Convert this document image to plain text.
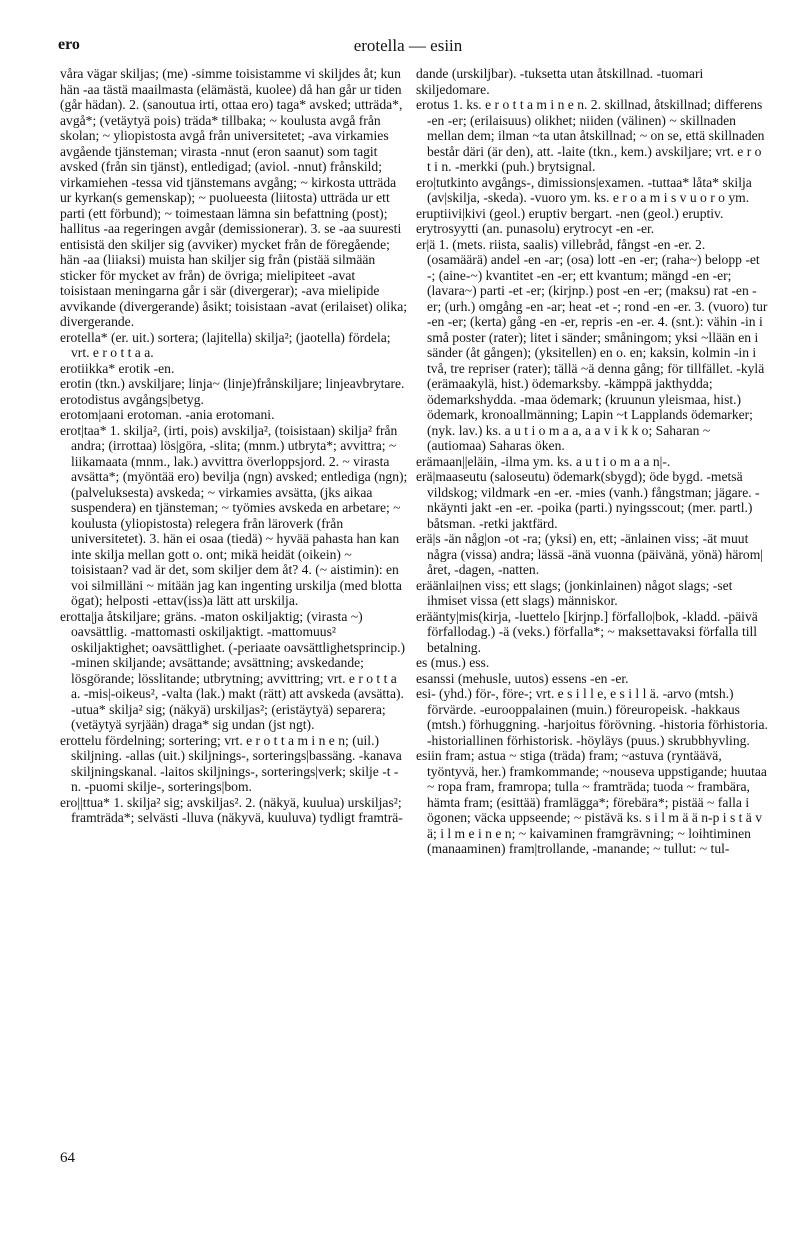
ero	erotella — esiin

våra vägar skiljas; (me) -simme toisistamme vi skiljdes åt; kun hän -aa tästä maailmasta (elämästä, kuolee) då han går ur tiden (går hädan). 2. (sanoutua irti, ottaa ero) taga* avsked; utträda*, avgå*; (vetäytyä pois) träda* tillbaka; ~ koulusta avgå från skolan; ~ yliopistosta avgå från universitetet; -ava virkamies avgående tjänsteman; virasta -nnut (eron saanut) som tagit avsked (från sin tjänst), entledigad; (aviol. -nnut) frånskild; virkamiehen -tessa vid tjänstemans avgång; ~ kirkosta utträda ur kyrkan(s gemenskap); ~ puolueesta (liitosta) utträda ur ett parti (ett förbund); ~ toimestaan lämna sin befattning (post); hallitus -aa regeringen avgår (demissionerar). 3. se -aa suuresti entisistä den skiljer sig (avviker) mycket från de föregående; hän -aa (liiaksi) muista han skiljer sig från (pistää silmään sticker för mycket av från) de övriga; mielipiteet -avat toisistaan meningarna går i sär (divergerar); -ava mielipide avvikande (divergerande) åsikt; toisistaan -avat (erilaiset) olika; divergerande.

erotella* (er. uit.) sortera; (lajitella) skilja²; (jaotella) fördela; vrt. e r o t t a a.

erotiikka* erotik -en.

erotin (tkn.) avskiljare; linja~ (linje)frånskiljare; linjeavbrytare.

erotodistus avgångs|betyg.

erotom|aani erotoman. -ania erotomani.

erot|taa* 1. skilja², (irti, pois) avskilja², (toisistaan) skilja² från andra; (irrottaa) lös|göra, -slita; (mnm.) utbryta*; avvittra; ~ liikamaata (mnm., lak.) avvittra överloppsjord. 2. ~ virasta avsätta*; (myöntää ero) bevilja (ngn) avsked; entlediga (ngn); (palveluksesta) avskeda; ~ virkamies avsätta, (jks aikaa suspendera) en tjänsteman; ~ työmies avskeda en arbetare; ~ koulusta (yliopistosta) relegera från läroverk (från universitetet). 3. hän ei osaa (tiedä) ~ hyvää pahasta han kan inte skilja mellan gott o. ont; mikä heidät (oikein) ~ toisistaan? vad är det, som skiljer dem åt? 4. (~ aistimin): en voi silmilläni ~ mitään jag kan ingenting urskilja (med blotta ögat); helposti -ettav(iss)a lätt att urskilja.

erotta|ja åtskiljare; gräns. -maton oskiljaktig; (virasta ~) oavsättlig. -mattomasti oskiljaktigt. -mattomuus² oskiljaktighet; oavsättlighet. (-periaate oavsättlighetsprincip.) -minen skiljande; avsättande; avsättning; avskedande; lösgörande; lösslitande; utbrytning; avvittring; vrt. e r o t t a a. -mis|-oikeus², -valta (lak.) makt (rätt) att avskeda (avsätta). -utua* skilja² sig; (näkyä) urskiljas²; (eristäytyä) separera; (vetäytyä syrjään) draga* sig undan (jst ngt).

erottelu fördelning; sortering; vrt. e r o t t a m i n e n; (uil.) skiljning. -allas (uit.) skiljnings-, sorterings|bassäng. -kanava skiljningskanal. -laitos skiljnings-, sorterings|verk; skilje -t -n. -puomi skilje-, sorterings|bom.

ero||ttua* 1. skilja² sig; avskiljas². 2. (näkyä, kuulua) urskiljas²; framträda*; selvästi -lluva (näkyvä, kuuluva) tydligt framträ-

dande (urskiljbar). -tuksetta utan åtskillnad. -tuomari skiljedomare.

erotus 1. ks. e r o t t a m i n e n. 2. skillnad, åtskillnad; differens -en -er; (erilaisuus) olikhet; niiden (välinen) ~ skillnaden mellan dem; ilman ~ta utan åtskillnad; ~ on se, että skillnaden består däri (är den), att. -laite (tkn., kem.) avskiljare; vrt. e r o t i n. -merkki (puh.) brytsignal.

ero|tutkinto avgångs-, dimissions|examen. -tuttaa* låta* skilja (av|skilja, -skeda). -vuoro ym. ks. e r o a m i s v u o r o ym.

eruptiivi|kivi (geol.) eruptiv bergart. -nen (geol.) eruptiv.

erytrosyytti (an. punasolu) erytrocyt -en -er.

er|ä 1. (mets. riista, saalis) villebråd, fångst -en -er. 2. (osamäärä) andel -en -ar; (osa) lott -en -er; (raha~) belopp -et -; (aine-~) kvantitet -en -er; ett kvantum; mängd -en -er; (lavara~) parti -et -er; (kirjnp.) post -en -er; (maksu) rat -en -er; (urh.) omgång -en -ar; heat -et -; rond -en -er. 3. (vuoro) tur -en -er; (kerta) gång -en -er, repris -en -er. 4. (snt.): vähin -in i små poster (rater); litet i sänder; småningom; yksi ~llään en i sänder (åt gången); (yksitellen) en o. en; kaksin, kolmin -in i två, tre repriser (rater); tällä ~ä denna gång; för tillfället. -kylä (erämaakylä, hist.) ödemarksby. -kämppä jakthydda; ödemarkshydda. -maa ödemark; (kruunun yleismaa, hist.) ödemark, kronoallmänning; Lapin ~t Lapplands ödemarker; (nyk. lav.) ks. a u t i o m a a, a a v i k k o; Saharan ~ (autiomaa) Saharas öken.

erämaan||eläin, -ilma ym. ks. a u t i o m a a n|-.

erä|maaseutu (saloseutu) ödemark(sbygd); öde bygd. -metsä vildskog; vildmark -en -er. -mies (vanh.) fångstman; jägare. -nkäynti jakt -en -er. -poika (parti.) nyingsscout; (mer. partl.) båtsman. -retki jaktfärd.

erä|s -än någ|on -ot -ra; (yksi) en, ett; -änlainen viss; -ät muut några (vissa) andra; lässä -änä vuonna (päivänä, yönä) härom|året, -dagen, -natten.

eräänlai|nen viss; ett slags; (jonkinlainen) något slags; -set ihmiset vissa (ett slags) människor.

eräänty|mis(kirja, -luettelo [kirjnp.] förfallo|bok, -kladd. -päivä förfallodag.) -ä (veks.) förfalla*; ~ maksettavaksi förfalla till betalning.

es (mus.) ess.

esanssi (mehusle, uutos) essens -en -er.

esi- (yhd.) för-, före-; vrt. e s i l l e, e s i l l ä. -arvo (mtsh.) förvärde. -eurooppalainen (muin.) föreuropeisk. -hakkaus (mtsh.) förhuggning. -harjoitus förövning. -historia förhistoria. -historiallinen förhistorisk. -höyläys (puus.) skrubbhyvling.

esiin fram; astua ~ stiga (träda) fram; ~astuva (ryntäävä, työntyvä, her.) framkommande; ~nouseva uppstigande; huutaa ~ ropa fram, framropa; tulla ~ framträda; tuoda ~ frambära, hämta fram; (esittää) framlägga*; förebära*; pistää ~ falla i ögonen; väcka uppseende; ~ pistävä ks. s i l m ä ä n-p i s t ä v ä; i l m e i n e n; ~ kaivaminen framgrävning; ~ loihtiminen (manaaminen) fram|trollande, -manande; ~ tullut: ~ tul-

64
